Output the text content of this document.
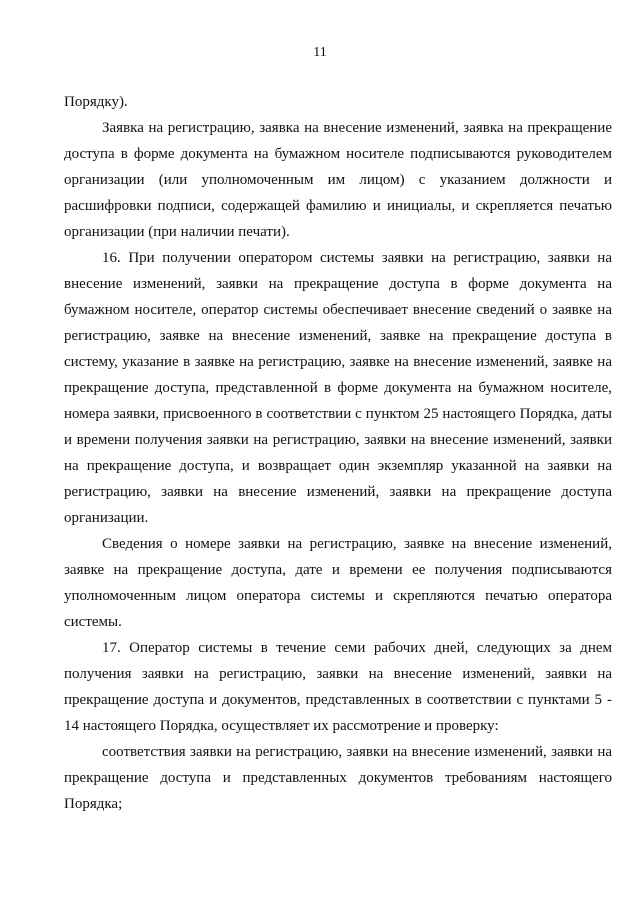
11

Порядку).

Заявка на регистрацию, заявка на внесение изменений, заявка на прекращение доступа в форме документа на бумажном носителе подписываются руководителем организации (или уполномоченным им лицом) с указанием должности и расшифровки подписи, содержащей фамилию и инициалы, и скрепляется печатью организации (при наличии печати).

16. При получении оператором системы заявки на регистрацию, заявки на внесение изменений, заявки на прекращение доступа в форме документа на бумажном носителе, оператор системы обеспечивает внесение сведений о заявке на регистрацию, заявке на внесение изменений, заявке на прекращение доступа в систему, указание в заявке на регистрацию, заявке на внесение изменений, заявке на прекращение доступа, представленной в форме документа на бумажном носителе, номера заявки, присвоенного в соответствии с пунктом 25 настоящего Порядка, даты и времени получения заявки на регистрацию, заявки на внесение изменений, заявки на прекращение доступа, и возвращает один экземпляр указанной на заявки на регистрацию, заявки на внесение изменений, заявки на прекращение доступа организации.

Сведения о номере заявки на регистрацию, заявке на внесение изменений, заявке на прекращение доступа, дате и времени ее получения подписываются уполномоченным лицом оператора системы и скрепляются печатью оператора системы.

17. Оператор системы в течение семи рабочих дней, следующих за днем получения заявки на регистрацию, заявки на внесение изменений, заявки на прекращение доступа и документов, представленных в соответствии с пунктами 5 - 14 настоящего Порядка, осуществляет их рассмотрение и проверку:

соответствия заявки на регистрацию, заявки на внесение изменений, заявки на прекращение доступа и представленных документов требованиям настоящего Порядка;
